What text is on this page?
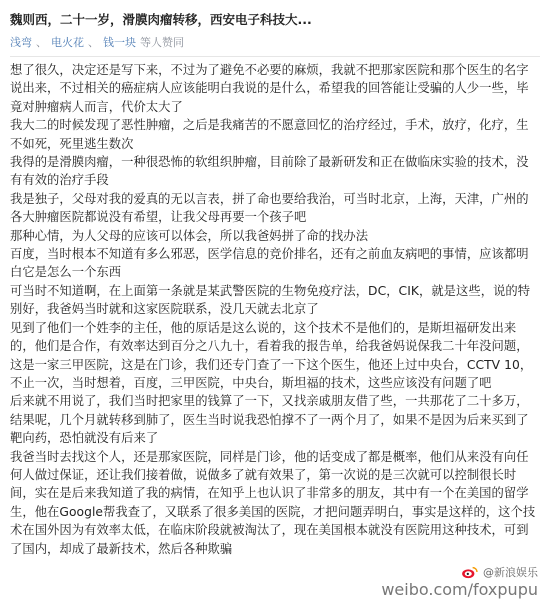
魏则西，二十一岁，滑膜肉瘤转移，西安电子科技大...
浅弯 、 电火花 、 钱一块 等人赞同

想了很久，决定还是写下来，不过为了避免不必要的麻烦，我就不把那家医院和那个医生的名字说出来，不过相关的癌症病人应该能明白我说的是什么，希望我的回答能让受骗的人少一些，毕竟对肿瘤病人而言，代价太大了

我大二的时候发现了恶性肿瘤，之后是我痛苦的不愿意回忆的治疗经过，手术，放疗，化疗，生不如死，死里逃生数次

我得的是滑膜肉瘤，一种很恐怖的软组织肿瘤，目前除了最新研发和正在做临床实验的技术，没有有效的治疗手段

我是独子，父母对我的爱真的无以言表，拼了命也要给我治，可当时北京，上海，天津，广州的各大肿瘤医院都说没有希望，让我父母再要一个孩子吧

那种心情，为人父母的应该可以体会，所以我爸妈拼了命的找办法

百度，当时根本不知道有多么邪恶，医学信息的竞价排名，还有之前血友病吧的事情，应该都明白它是怎么一个东西

可当时不知道啊，在上面第一条就是某武警医院的生物免疫疗法，DC，CIK，就是这些，说的特别好，我爸妈当时就和这家医院联系，没几天就去北京了

见到了他们一个姓李的主任，他的原话是这么说的，这个技术不是他们的，是斯坦福研发出来的，他们是合作，有效率达到百分之八九十，看着我的报告单，给我爸妈说保我二十年没问题，这是一家三甲医院，这是在门诊，我们还专门查了一下这个医生，他还上过中央台，CCTV 10，不止一次，当时想着，百度，三甲医院，中央台，斯坦福的技术，这些应该没有问题了吧

后来就不用说了，我们当时把家里的钱算了一下，又找亲戚朋友借了些，一共那花了二十多万，结果呢，几个月就转移到肺了，医生当时说我恐怕撑不了一两个月了，如果不是因为后来买到了靶向药，恐怕就没有后来了

我爸当时去找这个人，还是那家医院，同样是门诊，他的话变成了都是概率，他们从来没有向任何人做过保证，还让我们接着做，说做多了就有效果了，第一次说的是三次就可以控制很长时间，实在是后来我知道了我的病情，在知乎上也认识了非常多的朋友，其中有一个在美国的留学生，他在Google帮我查了，又联系了很多美国的医院，才把问题弄明白，事实是这样的，这个技术在国外因为有效率太低，在临床阶段就被淘汰了，现在美国根本就没有医院用这种技术，可到了国内，却成了最新技术，然后各种欺骗

@新浪娱乐
weibo.com/foxpupu
